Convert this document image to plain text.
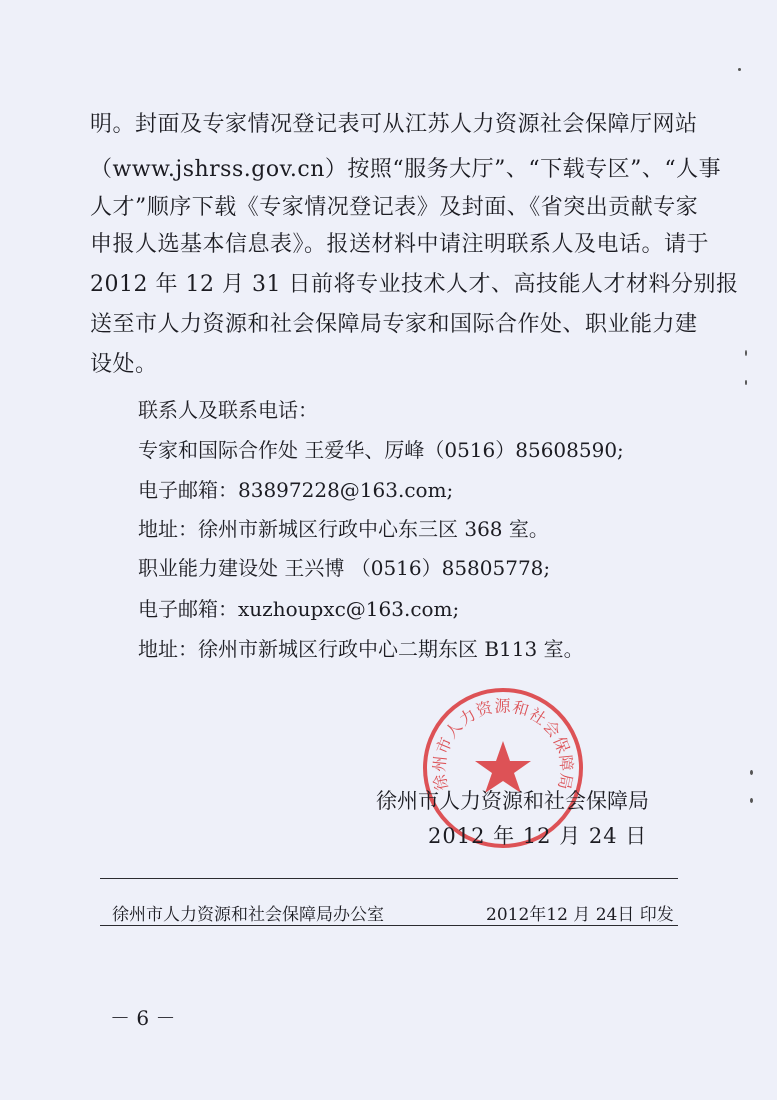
明。封面及专家情况登记表可从江苏人力资源社会保障厅网站
（www.jshrss.gov.cn）按照“服务大厅”、“下载专区”、“人事
人才”顺序下载《专家情况登记表》及封面、《省突出贡献专家
申报人选基本信息表》。报送材料中请注明联系人及电话。请于
2012 年 12 月 31 日前将专业技术人才、高技能人才材料分别报
送至市人力资源和社会保障局专家和国际合作处、职业能力建
设处。
联系人及联系电话：
专家和国际合作处 王爱华、厉峰（0516）85608590;
电子邮箱：83897228@163.com;
地址：徐州市新城区行政中心东三区 368 室。
职业能力建设处 王兴博 （0516）85805778;
电子邮箱：xuzhoupxc@163.com;
地址：徐州市新城区行政中心二期东区 B113 室。
徐州市人力资源和社会保障局
徐州市人力资源和社会保障局
2012 年 12 月 24 日
徐州市人力资源和社会保障局办公室	2012年12 月 24日 印发
－ 6 －
